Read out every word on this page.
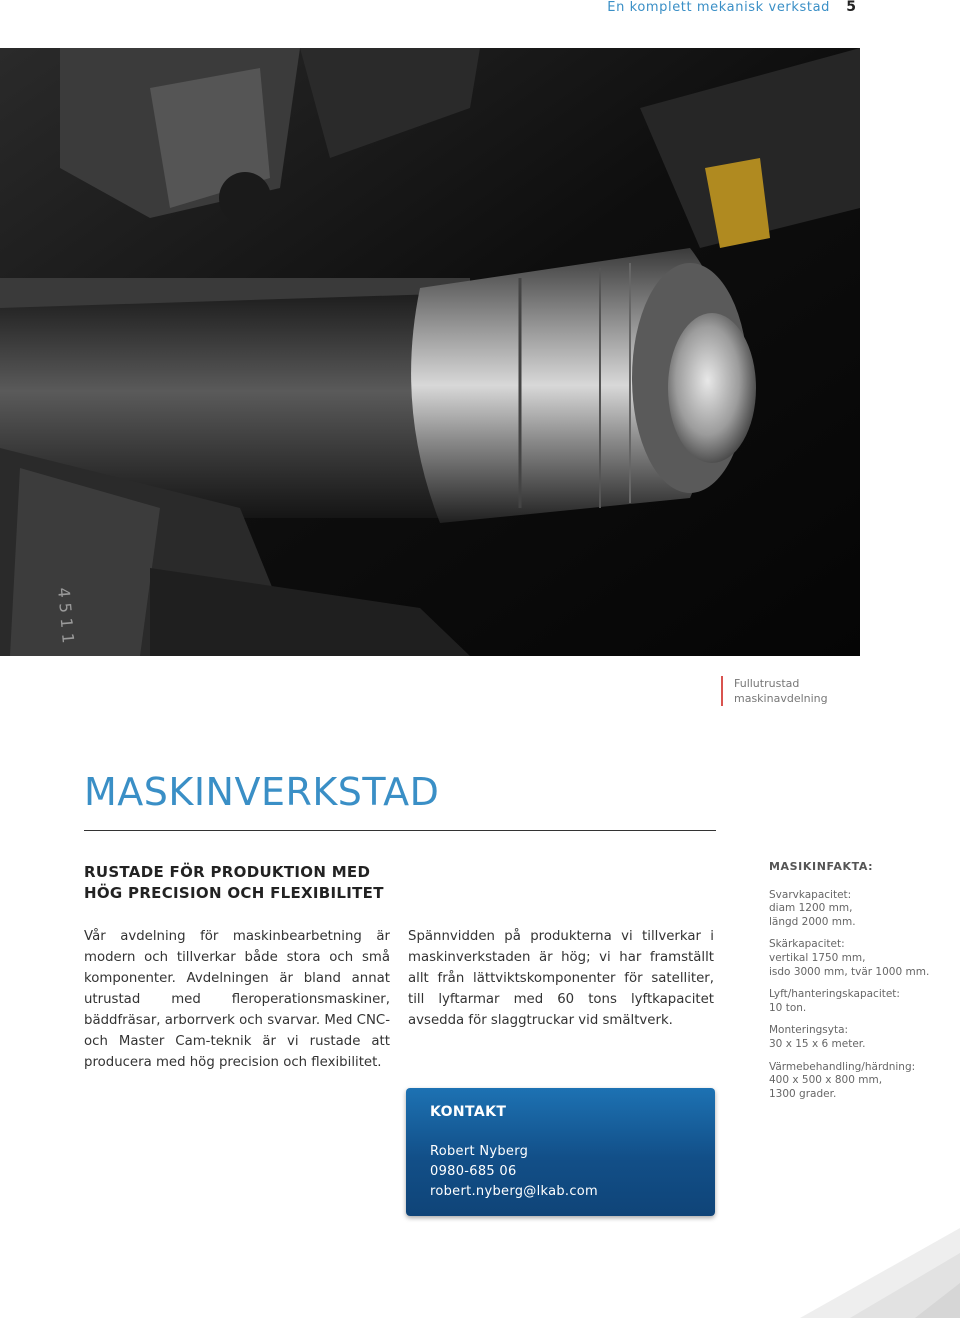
En komplett mekanisk verkstad 5
4 5 1 1
Fullutrustad
maskinavdelning
MASKINVERKSTAD
RUSTADE FÖR PRODUKTION MED
HÖG PRECISION OCH FLEXIBILITET

Vår avdelning för maskinbearbetning är modern och tillverkar både stora och små komponenter. Avdelningen är bland annat utrustad med fleroperationsmaskiner, bäddfräsar, arborrverk och svarvar. Med CNC- och Master Cam-teknik är vi rustade att producera med hög precision och flexibilitet.

Spännvidden på produkterna vi tillverkar i maskinverkstaden är hög; vi har framställt allt från lättviktskomponenter för satelliter, till lyftarmar med 60 tons lyftkapacitet avsedda för slaggtruckar vid smältverk.

KONTAKT
Robert Nyberg
0980-685 06
robert.nyberg@lkab.com
MASIKINFAKTA:
Svarvkapacitet:
diam 1200 mm,
längd 2000 mm.
Skärkapacitet:
vertikal 1750 mm,
isdo 3000 mm, tvär 1000 mm.
Lyft/hanteringskapacitet:
10 ton.
Monteringsyta:
30 x 15 x 6 meter.
Värmebehandling/härdning:
400 x 500 x 800 mm,
1300 grader.
